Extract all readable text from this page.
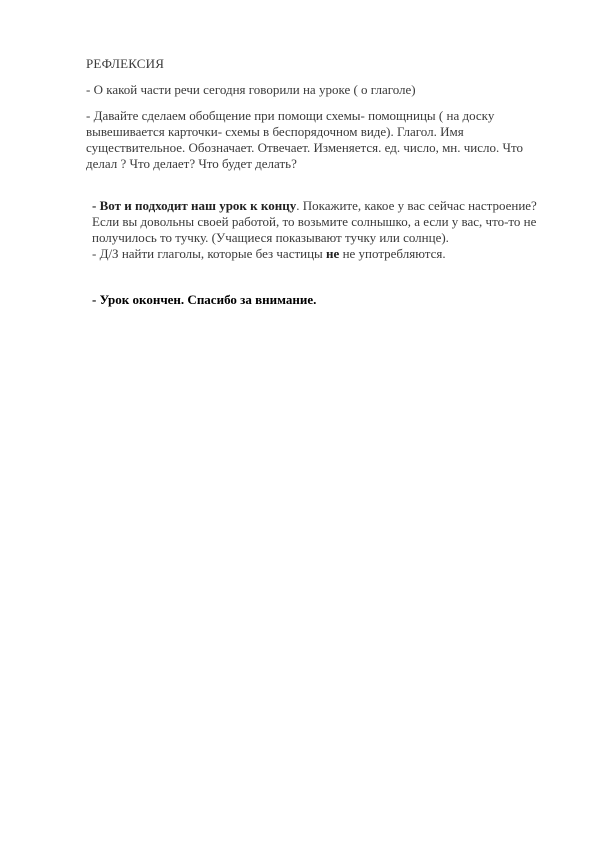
РЕФЛЕКСИЯ

- О какой части речи сегодня говорили на уроке ( о глаголе)

- Давайте сделаем обобщение при помощи схемы- помощницы ( на доску вывешивается карточки- схемы в беспорядочном виде). Глагол. Имя существительное. Обозначает. Отвечает. Изменяется. ед. число, мн. число. Что делал ? Что делает? Что будет делать?

- Вот и подходит наш урок к концу. Покажите, какое у вас сейчас настроение? Если вы довольны своей работой, то возьмите солнышко, а если у вас, что-то не получилось то тучку. (Учащиеся показывают тучку или солнце).

- Д/З найти глаголы, которые без частицы не не употребляются.

- Урок окончен. Спасибо за внимание.
